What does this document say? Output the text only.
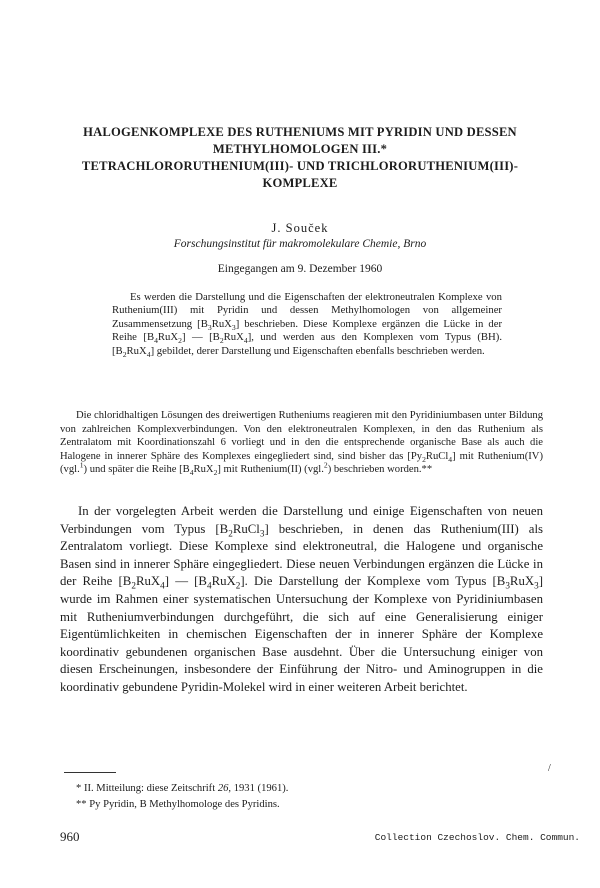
HALOGENKOMPLEXE DES RUTHENIUMS MIT PYRIDIN UND DESSEN
METHYLHOMOLOGEN III.*
TETRACHLORORUTHENIUM(III)- UND TRICHLORORUTHENIUM(III)-
KOMPLEXE
J. Souček
Forschungsinstitut für makromolekulare Chemie, Brno
Eingegangen am 9. Dezember 1960

Es werden die Darstellung und die Eigenschaften der elektroneutralen Komplexe von Ruthenium(III) mit Pyridin und dessen Methylhomologen von allgemeiner Zusammensetzung $[B_3RuX_3]$ beschrieben. Diese Komplexe ergänzen die Lücke in der Reihe $[B_4RuX_2]$ — $[B_2RuX_4]$, und werden aus den Komplexen vom Typus (BH). $[B_2RuX_4]$ gebildet, derer Darstellung und Eigenschaften ebenfalls beschrieben werden.

Die chloridhaltigen Lösungen des dreiwertigen Rutheniums reagieren mit den Pyridiniumbasen unter Bildung von zahlreichen Komplexverbindungen. Von den elektroneutralen Komplexen, in den das Ruthenium als Zentralatom mit Koordinationszahl 6 vorliegt und in den die entsprechende organische Base als auch die Halogene in innerer Sphäre des Komplexes eingegliedert sind, sind bisher das $[Py_2RuCl_4]$ mit Ruthenium(IV) (vgl.$^1$) und später die Reihe $[B_4RuX_2]$ mit Ruthenium(II) (vgl.$^2$) beschrieben worden.**

In der vorgelegten Arbeit werden die Darstellung und einige Eigenschaften von neuen Verbindungen vom Typus $[B_2RuCl_3]$ beschrieben, in denen das Ruthenium(III) als Zentralatom vorliegt. Diese Komplexe sind elektroneutral, die Halogene und organische Basen sind in innerer Sphäre eingegliedert. Diese neuen Verbindungen ergänzen die Lücke in der Reihe $[B_2RuX_4]$ — $[B_4RuX_2]$. Die Darstellung der Komplexe vom Typus $[B_3RuX_3]$ wurde im Rahmen einer systematischen Untersuchung der Komplexe von Pyridiniumbasen mit Rutheniumverbindungen durchgeführt, die sich auf eine Generalisierung einiger Eigentümlichkeiten in chemischen Eigenschaften der in innerer Sphäre der Komplexe koordinativ gebundenen organischen Base ausdehnt. Über die Untersuchung einiger von diesen Erscheinungen, insbesondere der Einführung der Nitro- und Aminogruppen in die koordinativ gebundene Pyridin-Molekel wird in einer weiteren Arbeit berichtet.

/
* II. Mitteilung: diese Zeitschrift 26, 1931 (1961).
** Py Pyridin, B Methylhomologe des Pyridins.
960	Collection Czechoslov. Chem. Commun.
